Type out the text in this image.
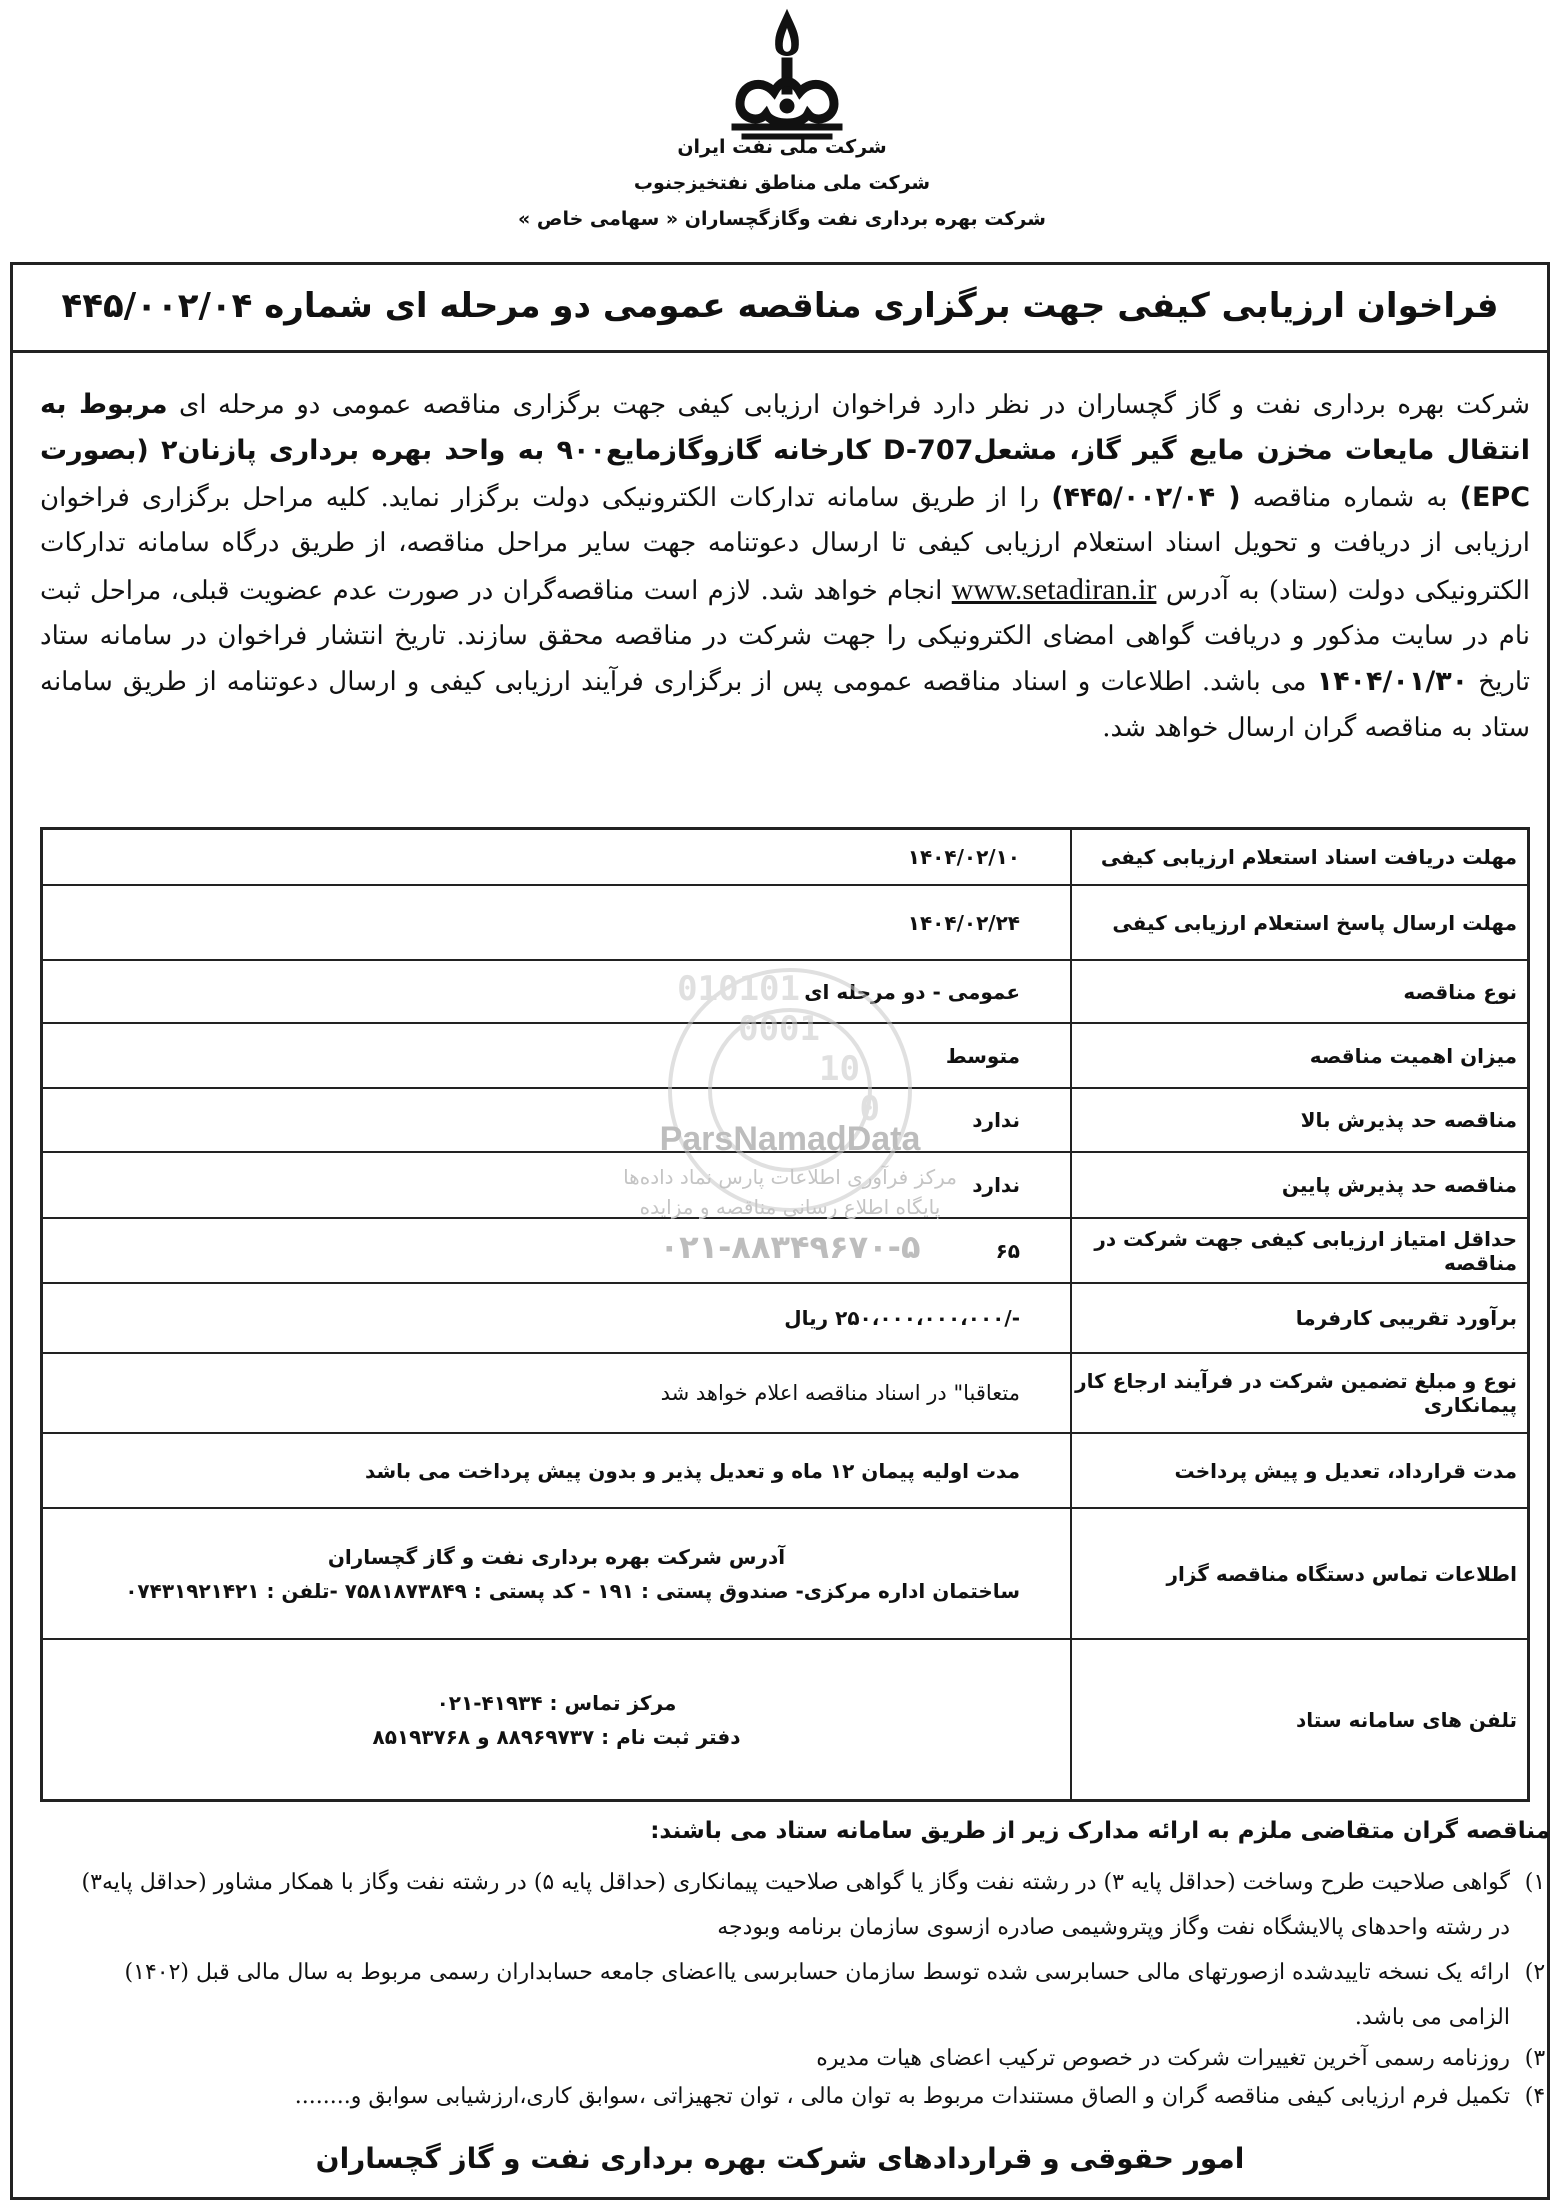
شرکت ملی نفت ایران
شرکت ملی مناطق نفتخیزجنوب
شرکت بهره برداری نفت وگازگچساران « سهامی خاص »
فراخوان ارزیابی کیفی جهت برگزاری مناقصه عمومی دو مرحله ای شماره ۴۴۵/۰۰۲/۰۴
شرکت بهره برداری نفت و گاز گچساران در نظر دارد فراخوان ارزیابی کیفی جهت برگزاری مناقصه عمومی دو مرحله ای مربوط به انتقال مایعات مخزن مایع گیر گاز، مشعلD-707 کارخانه گازوگازمایع۹۰۰ به واحد بهره برداری پازنان۲ (بصورت EPC) به شماره مناقصه ( ۴۴۵/۰۰۲/۰۴) را از طریق سامانه تدارکات الکترونیکی دولت برگزار نماید. کلیه مراحل برگزاری فراخوان ارزیابی از دریافت و تحویل اسناد استعلام ارزیابی کیفی تا ارسال دعوتنامه جهت سایر مراحل مناقصه، از طریق درگاه سامانه تدارکات الکترونیکی دولت (ستاد) به آدرس www.setadiran.ir انجام خواهد شد. لازم است مناقصه‌گران در صورت عدم عضویت قبلی، مراحل ثبت نام در سایت مذکور و دریافت گواهی امضای الکترونیکی را جهت شرکت در مناقصه محقق سازند. تاریخ انتشار فراخوان در سامانه ستاد تاریخ ۱۴۰۴/۰۱/۳۰ می باشد. اطلاعات و اسناد مناقصه عمومی پس از برگزاری فرآیند ارزیابی کیفی و ارسال دعوتنامه از طریق سامانه ستاد به مناقصه گران ارسال خواهد شد.
مهلت دریافت اسناد استعلام ارزیابی کیفی
۱۴۰۴/۰۲/۱۰
مهلت ارسال پاسخ استعلام ارزیابی کیفی
۱۴۰۴/۰۲/۲۴
نوع مناقصه
عمومی - دو مرحله ای
میزان اهمیت مناقصه
متوسط
مناقصه حد پذیرش بالا
ندارد
مناقصه حد پذیرش پایین
ندارد
حداقل امتیاز ارزیابی کیفی جهت شرکت در مناقصه
۶۵
برآورد تقریبی کارفرما
-/۲۵۰،۰۰۰،۰۰۰،۰۰۰ ریال
نوع و مبلغ تضمین شرکت در فرآیند ارجاع کار پیمانکاری
متعاقبا" در اسناد مناقصه اعلام خواهد شد
مدت قرارداد، تعدیل و پیش پرداخت
مدت اولیه پیمان ۱۲ ماه و تعدیل پذیر و بدون پیش پرداخت می باشد
اطلاعات تماس دستگاه مناقصه گزار
آدرس شرکت بهره برداری نفت و گاز گچساران
ساختمان اداره مرکزی- صندوق پستی : ۱۹۱ - کد پستی : ۷۵۸۱۸۷۳۸۴۹ -تلفن : ۰۷۴۳۱۹۲۱۴۲۱
تلفن های سامانه ستاد
مرکز تماس : ۴۱۹۳۴-۰۲۱
دفتر ثبت نام : ۸۸۹۶۹۷۳۷ و ۸۵۱۹۳۷۶۸
010101
0001
10
0
ParsNamadData
مرکز فرآوری اطلاعات پارس نماد داده‌ها
پایگاه اطلاع رسانی مناقصه و مزایده
۰۲۱-۸۸۳۴۹۶۷۰-۵
مناقصه گران متقاضی ملزم به ارائه مدارک زیر از طریق سامانه ستاد می باشند:
۱)
گواهی صلاحیت طرح وساخت (حداقل پایه ۳) در رشته نفت وگاز یا گواهی صلاحیت پیمانکاری (حداقل پایه ۵) در رشته نفت وگاز با همکار مشاور (حداقل پایه۳) در رشته واحدهای پالایشگاه نفت وگاز وپتروشیمی صادره ازسوی سازمان برنامه وبودجه
۲)
ارائه یک نسخه تاییدشده ازصورتهای مالی حسابرسی شده توسط سازمان حسابرسی یااعضای جامعه حسابداران رسمی مربوط به سال مالی قبل (۱۴۰۲) الزامی می باشد.
۳)
روزنامه رسمی آخرین تغییرات شرکت در خصوص ترکیب اعضای هیات مدیره
۴)
تکمیل فرم ارزیابی کیفی مناقصه گران و الصاق مستندات مربوط به توان مالی ، توان تجهیزاتی ،سوابق کاری،ارزشیابی سوابق و........
امور حقوقی و قراردادهای شرکت بهره برداری نفت و گاز گچساران
